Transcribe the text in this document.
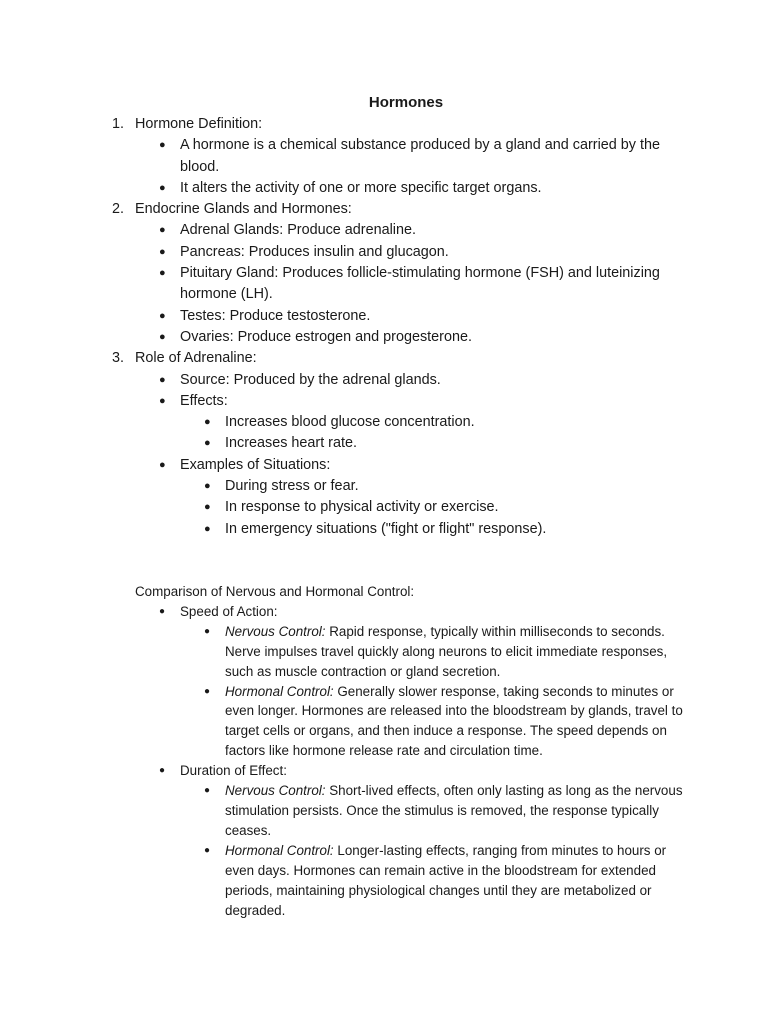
Hormones
1. Hormone Definition:
● A hormone is a chemical substance produced by a gland and carried by the blood.
● It alters the activity of one or more specific target organs.
2. Endocrine Glands and Hormones:
● Adrenal Glands: Produce adrenaline.
● Pancreas: Produces insulin and glucagon.
● Pituitary Gland: Produces follicle-stimulating hormone (FSH) and luteinizing hormone (LH).
● Testes: Produce testosterone.
● Ovaries: Produce estrogen and progesterone.
3. Role of Adrenaline:
● Source: Produced by the adrenal glands.
● Effects:
● Increases blood glucose concentration.
● Increases heart rate.
● Examples of Situations:
● During stress or fear.
● In response to physical activity or exercise.
● In emergency situations ("fight or flight" response).
Comparison of Nervous and Hormonal Control:
● Speed of Action:
● Nervous Control: Rapid response, typically within milliseconds to seconds. Nerve impulses travel quickly along neurons to elicit immediate responses, such as muscle contraction or gland secretion.
● Hormonal Control: Generally slower response, taking seconds to minutes or even longer. Hormones are released into the bloodstream by glands, travel to target cells or organs, and then induce a response. The speed depends on factors like hormone release rate and circulation time.
● Duration of Effect:
● Nervous Control: Short-lived effects, often only lasting as long as the nervous stimulation persists. Once the stimulus is removed, the response typically ceases.
● Hormonal Control: Longer-lasting effects, ranging from minutes to hours or even days. Hormones can remain active in the bloodstream for extended periods, maintaining physiological changes until they are metabolized or degraded.
